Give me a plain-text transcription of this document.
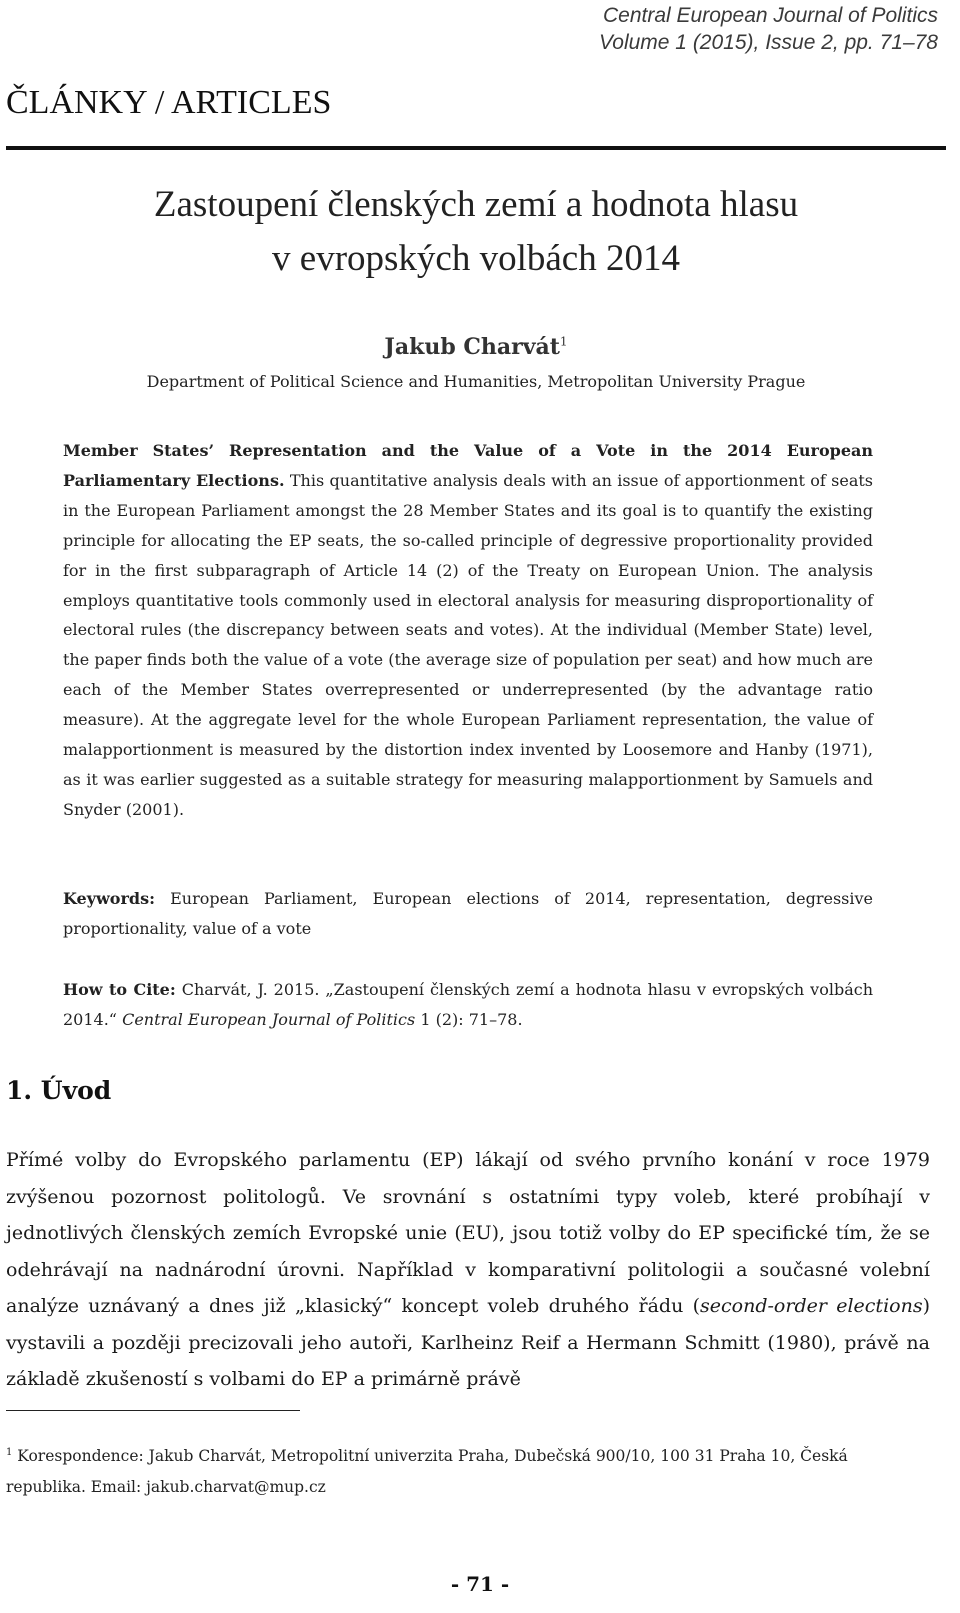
Central European Journal of Politics
Volume 1 (2015), Issue 2, pp. 71–78
ČLÁNKY / ARTICLES
Zastoupení členských zemí a hodnota hlasu
v evropských volbách 2014
Jakub Charvát$^1$
Department of Political Science and Humanities, Metropolitan University Prague
Member States’ Representation and the Value of a Vote in the 2014 European Parliamentary Elections. This quantitative analysis deals with an issue of apportionment of seats in the European Parliament amongst the 28 Member States and its goal is to quantify the existing principle for allocating the EP seats, the so-called principle of degressive proportionality provided for in the first subparagraph of Article 14 (2) of the Treaty on European Union. The analysis employs quantitative tools commonly used in electoral analysis for measuring disproportionality of electoral rules (the discrepancy between seats and votes). At the individual (Member State) level, the paper finds both the value of a vote (the average size of population per seat) and how much are each of the Member States overrepresented or underrepresented (by the advantage ratio measure). At the aggregate level for the whole European Parliament representation, the value of malapportionment is measured by the distortion index invented by Loosemore and Hanby (1971), as it was earlier suggested as a suitable strategy for measuring malapportionment by Samuels and Snyder (2001).
Keywords: European Parliament, European elections of 2014, representation, degressive proportionality, value of a vote
How to Cite: Charvát, J. 2015. „Zastoupení členských zemí a hodnota hlasu v evropských volbách 2014.“ Central European Journal of Politics 1 (2): 71–78.
1. Úvod
Přímé volby do Evropského parlamentu (EP) lákají od svého prvního konání v roce 1979 zvýšenou pozornost politologů. Ve srovnání s ostatními typy voleb, které probíhají v jednotlivých členských zemích Evropské unie (EU), jsou totiž volby do EP specifické tím, že se odehrávají na nadnárodní úrovni. Například v komparativní politologii a současné volební analýze uznávaný a dnes již „klasický“ koncept voleb druhého řádu (second-order elections) vystavili a později precizovali jeho autoři, Karlheinz Reif a Hermann Schmitt (1980), právě na základě zkušeností s volbami do EP a primárně právě
$^1$ Korespondence: Jakub Charvát, Metropolitní univerzita Praha, Dubečská 900/10, 100 31 Praha 10, Česká republika. Email: jakub.charvat@mup.cz
- 71 -
